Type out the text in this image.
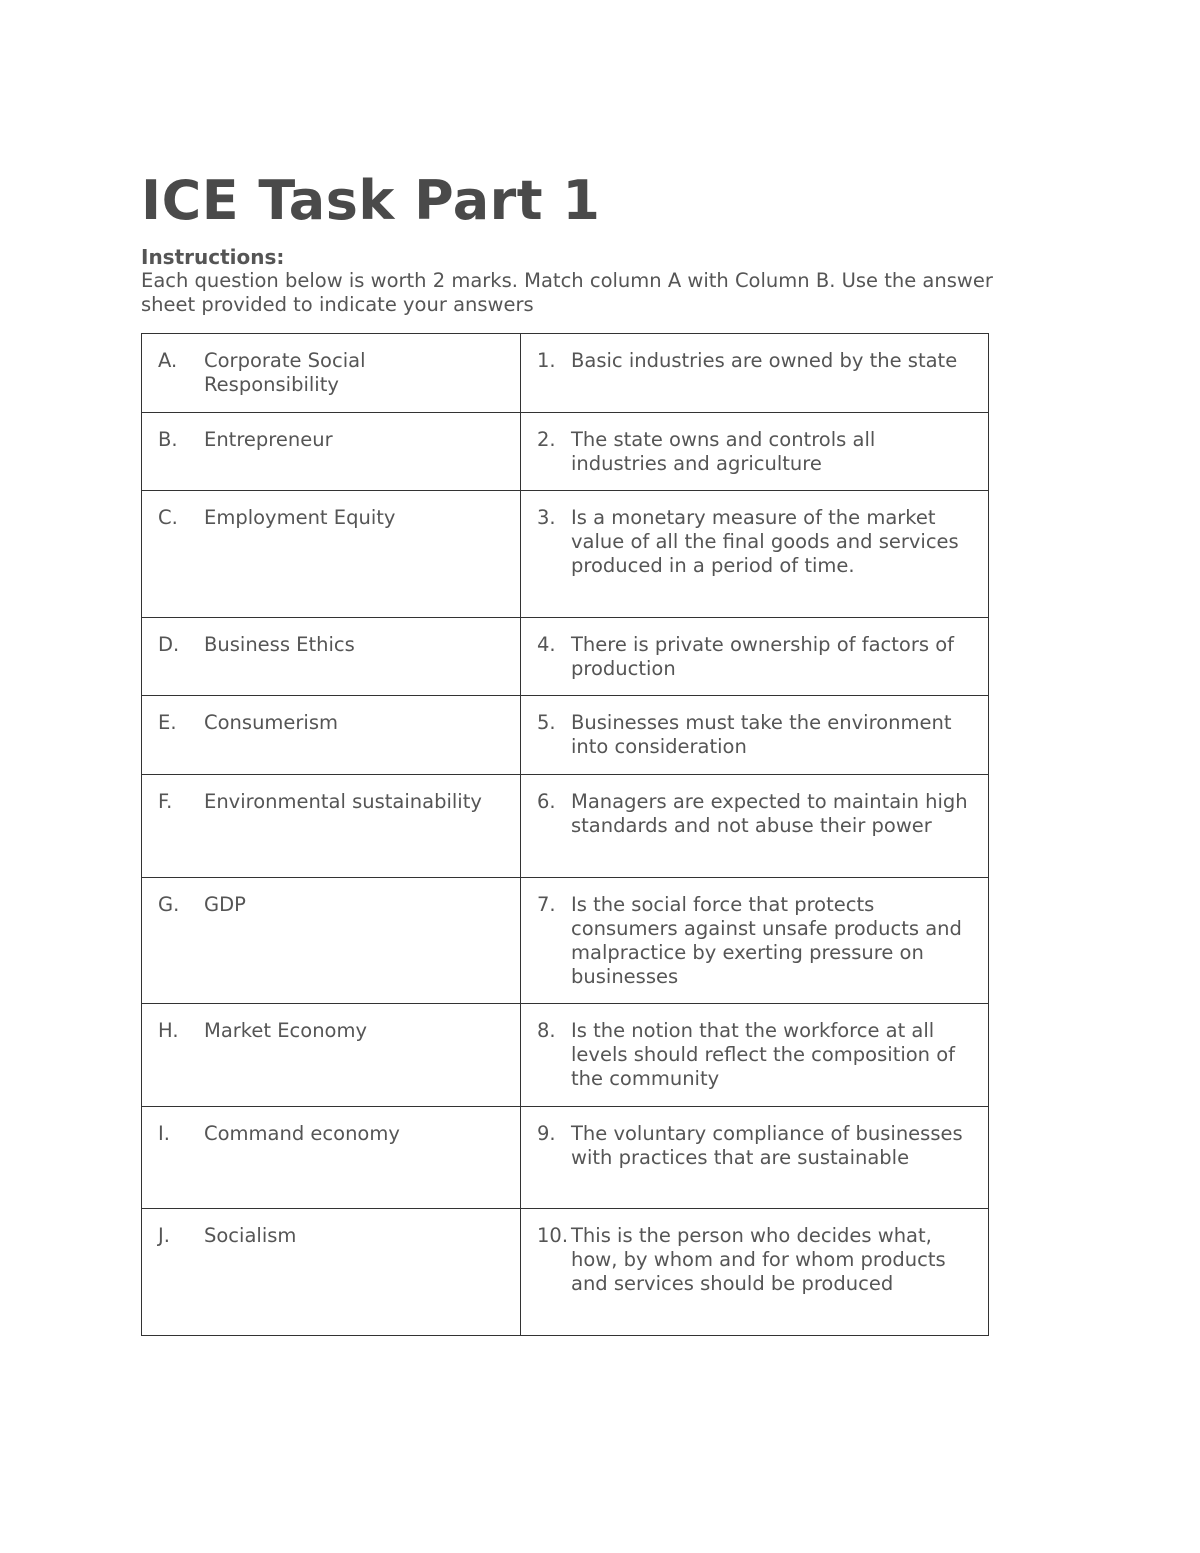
ICE Task Part 1
Instructions:
Each question below is worth 2 marks. Match column A with Column B. Use the answer sheet provided to indicate your answers
A. Corporate Social Responsibility	1. Basic industries are owned by the state

B. Entrepreneur	2. The state owns and controls all industries and agriculture

C. Employment Equity	3. Is a monetary measure of the market value of all the final goods and services produced in a period of time.

D. Business Ethics	4. There is private ownership of factors of production

E. Consumerism	5. Businesses must take the environment into consideration

F. Environmental sustainability	6. Managers are expected to maintain high standards and not abuse their power

G. GDP	7. Is the social force that protects consumers against unsafe products and malpractice by exerting pressure on businesses

H. Market Economy	8. Is the notion that the workforce at all levels should reflect the composition of the community

I. Command economy	9. The voluntary compliance of businesses with practices that are sustainable

J. Socialism	10. This is the person who decides what, how, by whom and for whom products and services should be produced
